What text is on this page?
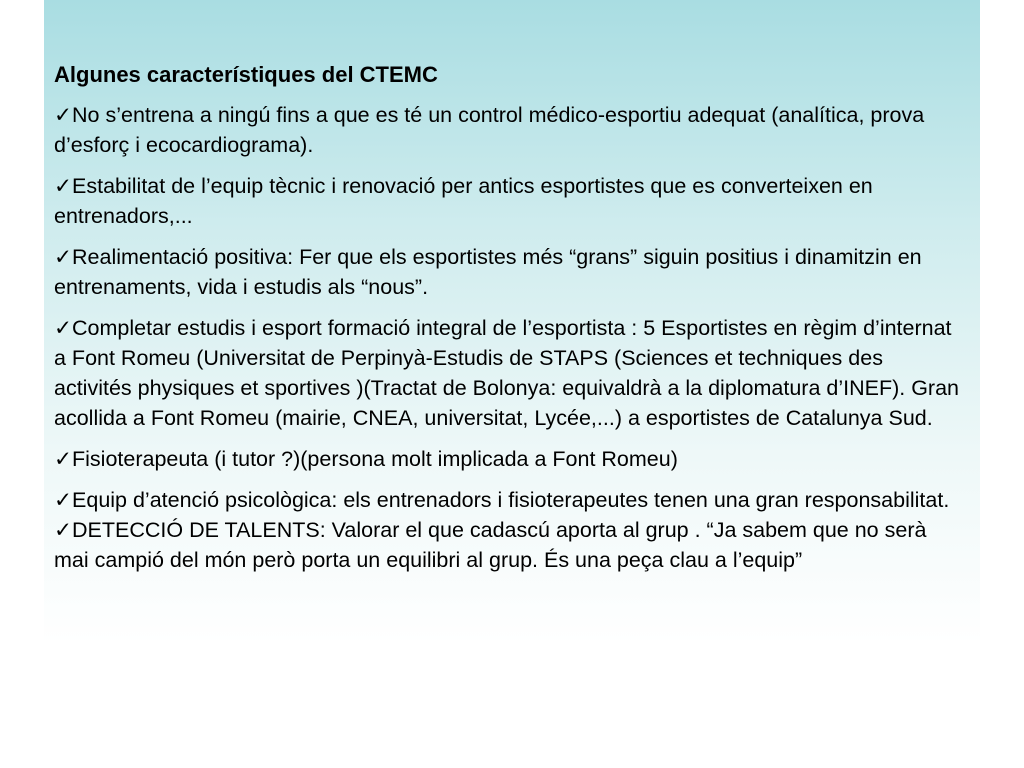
Algunes característiques del CTEMC
✓No s’entrena a ningú fins a que es té un control médico-esportiu adequat (analítica, prova d’esforç i ecocardiograma).
✓Estabilitat de l’equip tècnic i renovació per antics esportistes que es converteixen en entrenadors,...
✓Realimentació positiva: Fer que els esportistes més “grans” siguin positius i dinamitzin en entrenaments, vida i estudis als “nous”.
✓Completar estudis i esport formació integral de l’esportista : 5 Esportistes en règim d’internat a Font Romeu (Universitat de Perpinyà-Estudis de STAPS (Sciences et techniques des activités physiques et sportives )(Tractat de Bolonya: equivaldrà a la diplomatura d’INEF). Gran acollida a Font Romeu (mairie, CNEA, universitat, Lycée,...) a esportistes de Catalunya Sud.
✓Fisioterapeuta (i tutor ?)(persona molt implicada a Font Romeu)
✓Equip d’atenció psicològica: els entrenadors i fisioterapeutes tenen una gran responsabilitat.
✓DETECCIÓ DE TALENTS: Valorar el que cadascú aporta al grup . “Ja sabem que no serà mai campió del món però porta un equilibri al grup. És una peça clau a l’equip”
